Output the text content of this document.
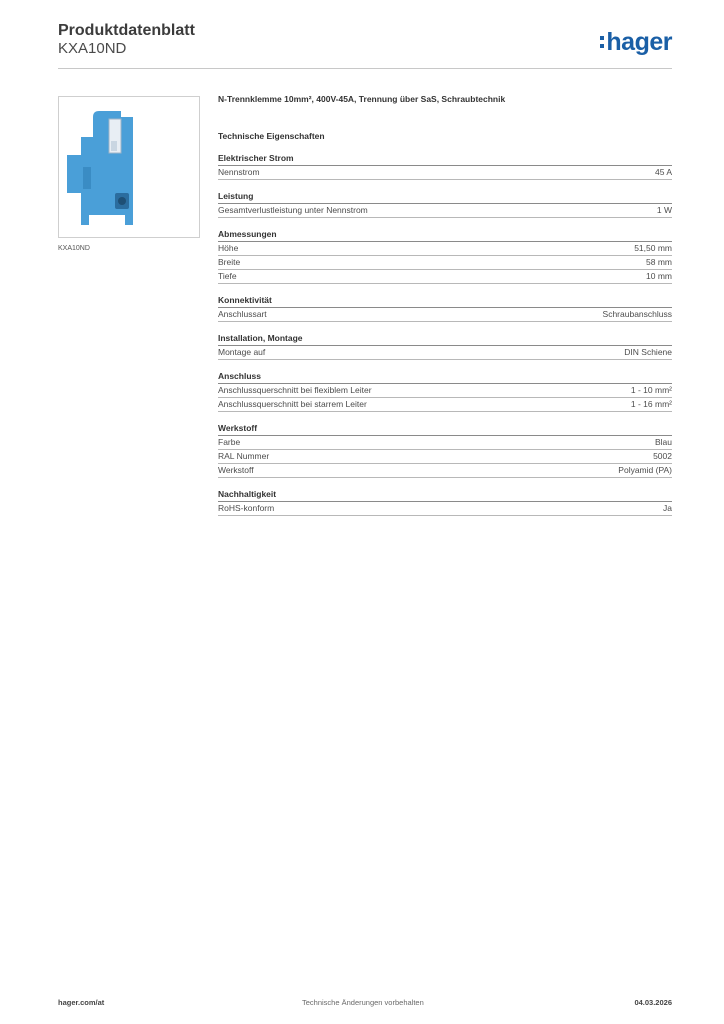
Produktdatenblatt
KXA10ND	hager
KXA10ND
N-Trennklemme 10mm², 400V-45A, Trennung über SaS, Schraubtechnik
Technische Eigenschaften
Elektrischer Strom
Nennstrom	45 A
Leistung
Gesamtverlustleistung unter Nennstrom	1 W
Abmessungen
Höhe	51,50 mm
Breite	58 mm
Tiefe	10 mm
Konnektivität
Anschlussart	Schraubanschluss
Installation, Montage
Montage auf	DIN Schiene
Anschluss
Anschlussquerschnitt bei flexiblem Leiter	1 - 10 mm²
Anschlussquerschnitt bei starrem Leiter	1 - 16 mm²
Werkstoff
Farbe	Blau
RAL Nummer	5002
Werkstoff	Polyamid (PA)
Nachhaltigkeit
RoHS-konform	Ja
hager.com/at	Technische Änderungen vorbehalten	04.03.2026
